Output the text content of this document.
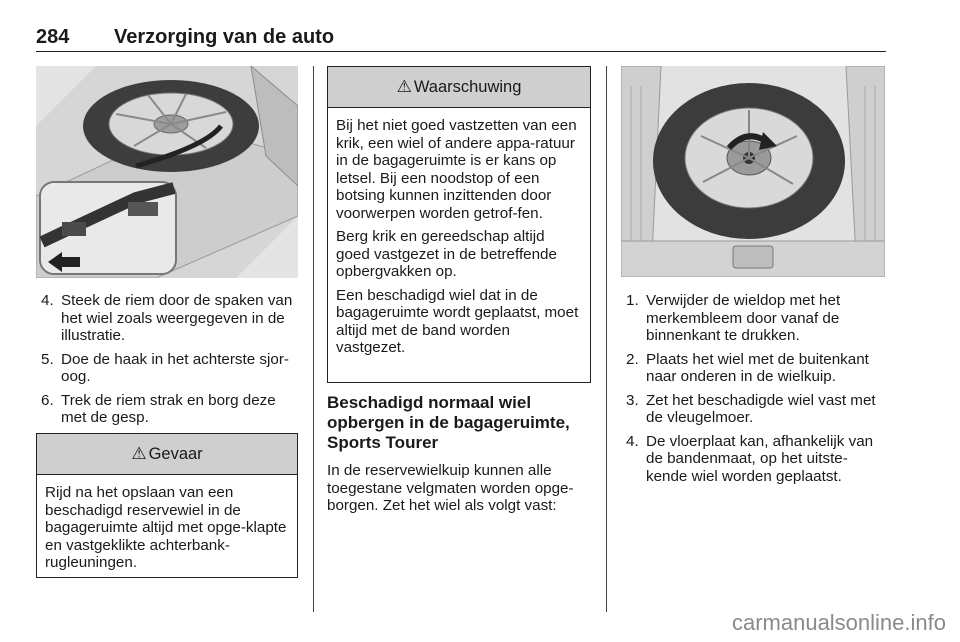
284 Verzorging van de auto
4. Steek de riem door de spaken van het wiel zoals weergegeven in de illustratie.
5. Doe de haak in het achterste sjor-oog.
6. Trek de riem strak en borg deze met de gesp.
⚠ Gevaar

Rijd na het opslaan van een beschadigd reservewiel in de bagageruimte altijd met opge-klapte en vastgeklikte achterbank-rugleuningen.

⚠ Waarschuwing

Bij het niet goed vastzetten van een krik, een wiel of andere appa-ratuur in de bagageruimte is er kans op letsel. Bij een noodstop of een botsing kunnen inzittenden door voorwerpen worden getrof-fen.

Berg krik en gereedschap altijd goed vastgezet in de betreffende opbergvakken op.

Een beschadigd wiel dat in de bagageruimte wordt geplaatst, moet altijd met de band worden vastgezet.

Beschadigd normaal wiel opbergen in de bagageruimte, Sports Tourer

In de reservewielkuip kunnen alle toegestane velgmaten worden opge-borgen. Zet het wiel als volgt vast:

1. Verwijder de wieldop met het merkembleem door vanaf de binnenkant te drukken.
2. Plaats het wiel met de buitenkant naar onderen in de wielkuip.
3. Zet het beschadigde wiel vast met de vleugelmoer.
4. De vloerplaat kan, afhankelijk van de bandenmaat, op het uitste-kende wiel worden geplaatst.
carmanualsonline.info
